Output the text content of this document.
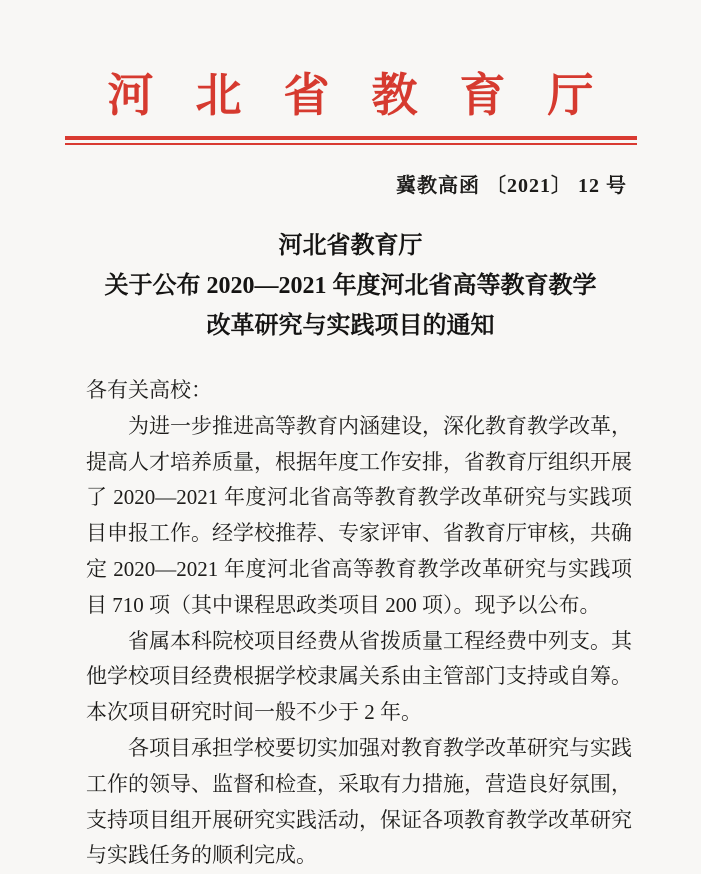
河北省教育厅
冀教高函 〔2021〕 12 号
河北省教育厅
关于公布 2020—2021 年度河北省高等教育教学
改革研究与实践项目的通知

各有关高校：

为进一步推进高等教育内涵建设，深化教育教学改革，提高人才培养质量，根据年度工作安排，省教育厅组织开展了 2020—2021 年度河北省高等教育教学改革研究与实践项目申报工作。经学校推荐、专家评审、省教育厅审核，共确定 2020—2021 年度河北省高等教育教学改革研究与实践项目 710 项（其中课程思政类项目 200 项）。现予以公布。

省属本科院校项目经费从省拨质量工程经费中列支。其他学校项目经费根据学校隶属关系由主管部门支持或自筹。本次项目研究时间一般不少于 2 年。

各项目承担学校要切实加强对教育教学改革研究与实践工作的领导、监督和检查，采取有力措施，营造良好氛围，支持项目组开展研究实践活动，保证各项教育教学改革研究与实践任务的顺利完成。
